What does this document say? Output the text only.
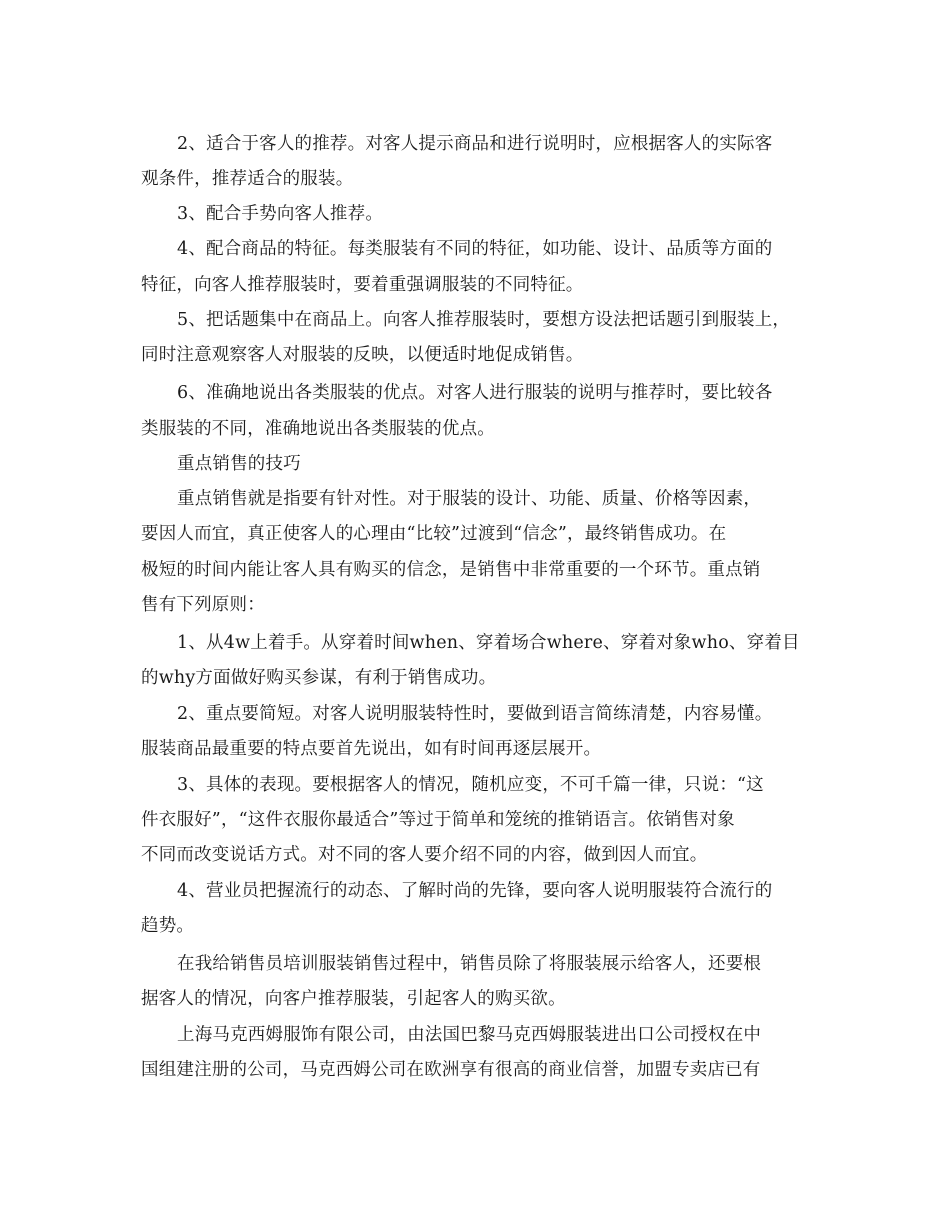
2、适合于客人的推荐。对客人提示商品和进行说明时，应根据客人的实际客
观条件，推荐适合的服装。
3、配合手势向客人推荐。
4、配合商品的特征。每类服装有不同的特征，如功能、设计、品质等方面的
特征，向客人推荐服装时，要着重强调服装的不同特征。
5、把话题集中在商品上。向客人推荐服装时，要想方设法把话题引到服装上，
同时注意观察客人对服装的反映，以便适时地促成销售。
6、准确地说出各类服装的优点。对客人进行服装的说明与推荐时，要比较各
类服装的不同，准确地说出各类服装的优点。
重点销售的技巧
重点销售就是指要有针对性。对于服装的设计、功能、质量、价格等因素，
要因人而宜，真正使客人的心理由“比较”过渡到“信念”，最终销售成功。在
极短的时间内能让客人具有购买的信念，是销售中非常重要的一个环节。重点销
售有下列原则：
1、从4w上着手。从穿着时间when、穿着场合where、穿着对象who、穿着目
的why方面做好购买参谋，有利于销售成功。
2、重点要简短。对客人说明服装特性时，要做到语言简练清楚，内容易懂。
服装商品最重要的特点要首先说出，如有时间再逐层展开。
3、具体的表现。要根据客人的情况，随机应变，不可千篇一律，只说：“这
件衣服好”，“这件衣服你最适合”等过于简单和笼统的推销语言。依销售对象
不同而改变说话方式。对不同的客人要介绍不同的内容，做到因人而宜。
4、营业员把握流行的动态、了解时尚的先锋，要向客人说明服装符合流行的
趋势。
在我给销售员培训服装销售过程中，销售员除了将服装展示给客人，还要根
据客人的情况，向客户推荐服装，引起客人的购买欲。
上海马克西姆服饰有限公司，由法国巴黎马克西姆服装进出口公司授权在中
国组建注册的公司，马克西姆公司在欧洲享有很高的商业信誉，加盟专卖店已有
